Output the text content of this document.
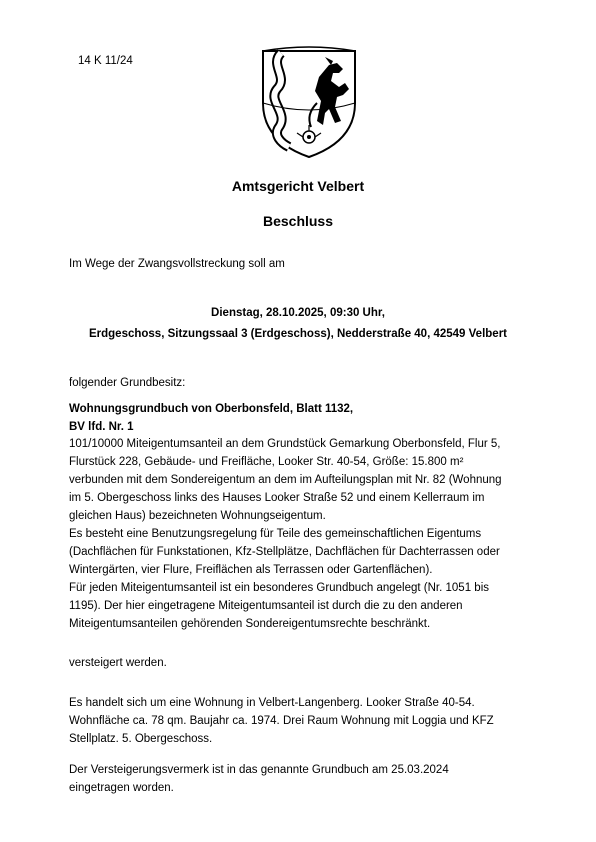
14 K 11/24
Amtsgericht Velbert
Beschluss
Im Wege der Zwangsvollstreckung soll am
Dienstag, 28.10.2025, 09:30 Uhr,
Erdgeschoss, Sitzungssaal 3 (Erdgeschoss), Nedderstraße 40, 42549 Velbert
folgender Grundbesitz:
Wohnungsgrundbuch von Oberbonsfeld, Blatt 1132,
BV lfd. Nr. 1
101/10000 Miteigentumsanteil an dem Grundstück Gemarkung Oberbonsfeld, Flur 5,
Flurstück 228, Gebäude- und Freifläche, Looker Str. 40-54, Größe: 15.800 m²
verbunden mit dem Sondereigentum an dem im Aufteilungsplan mit Nr. 82 (Wohnung
im 5. Obergeschoss links des Hauses Looker Straße 52 und einem Kellerraum im
gleichen Haus) bezeichneten Wohnungseigentum.
Es besteht eine Benutzungsregelung für Teile des gemeinschaftlichen Eigentums
(Dachflächen für Funkstationen, Kfz-Stellplätze, Dachflächen für Dachterrassen oder
Wintergärten, vier Flure, Freiflächen als Terrassen oder Gartenflächen).
Für jeden Miteigentumsanteil ist ein besonderes Grundbuch angelegt (Nr. 1051 bis
1195). Der hier eingetragene Miteigentumsanteil ist durch die zu den anderen
Miteigentumsanteilen gehörenden Sondereigentumsrechte beschränkt.
versteigert werden.
Es handelt sich um eine Wohnung in Velbert-Langenberg. Looker Straße 40-54.
Wohnfläche ca. 78 qm. Baujahr ca. 1974. Drei Raum Wohnung mit Loggia und KFZ
Stellplatz. 5. Obergeschoss.
Der Versteigerungsvermerk ist in das genannte Grundbuch am 25.03.2024
eingetragen worden.
